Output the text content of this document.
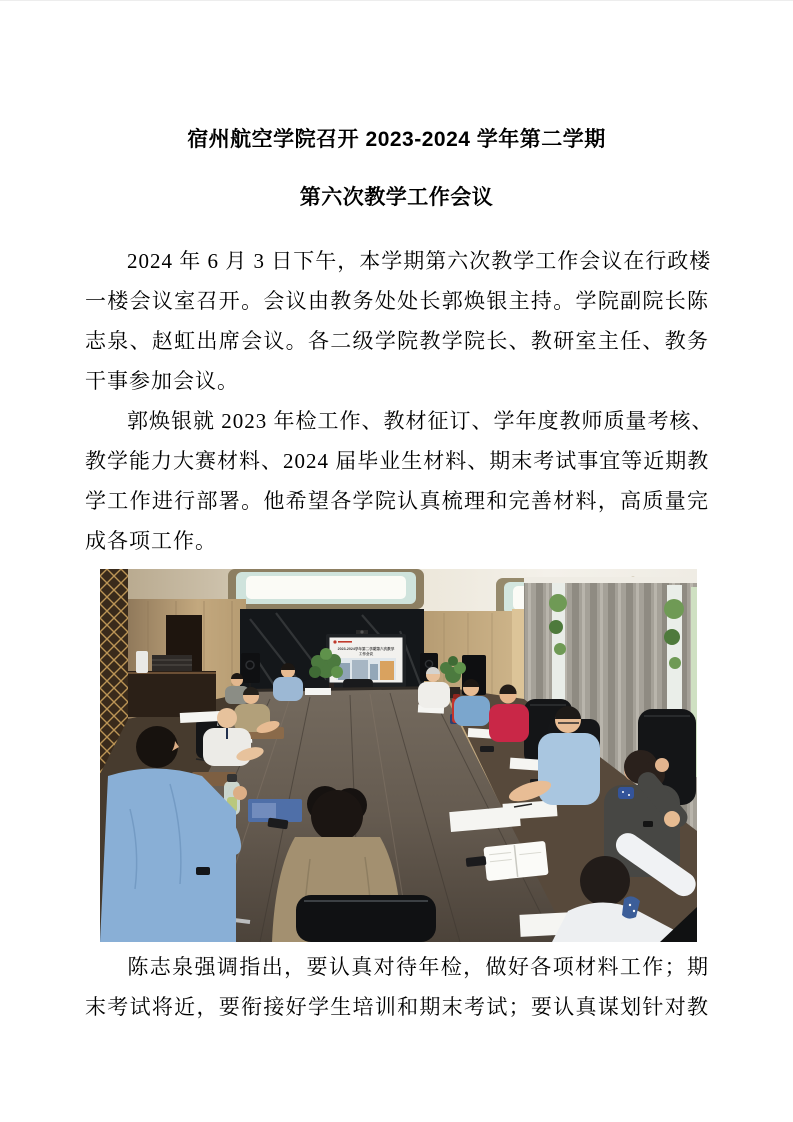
宿州航空学院召开 2023-2024 学年第二学期
第六次教学工作会议
2024 年 6 月 3 日下午，本学期第六次教学工作会议在行政楼
一楼会议室召开。会议由教务处处长郭焕银主持。学院副院长陈
志泉、赵虹出席会议。各二级学院教学院长、教研室主任、教务
干事参加会议。
郭焕银就 2023 年检工作、教材征订、学年度教师质量考核、
教学能力大赛材料、2024 届毕业生材料、期末考试事宜等近期教
学工作进行部署。他希望各学院认真梳理和完善材料，高质量完
成各项工作。
2023-2024学年第二学期第六次教学
工作会议
陈志泉强调指出，要认真对待年检，做好各项材料工作；期
末考试将近，要衔接好学生培训和期末考试；要认真谋划针对教
